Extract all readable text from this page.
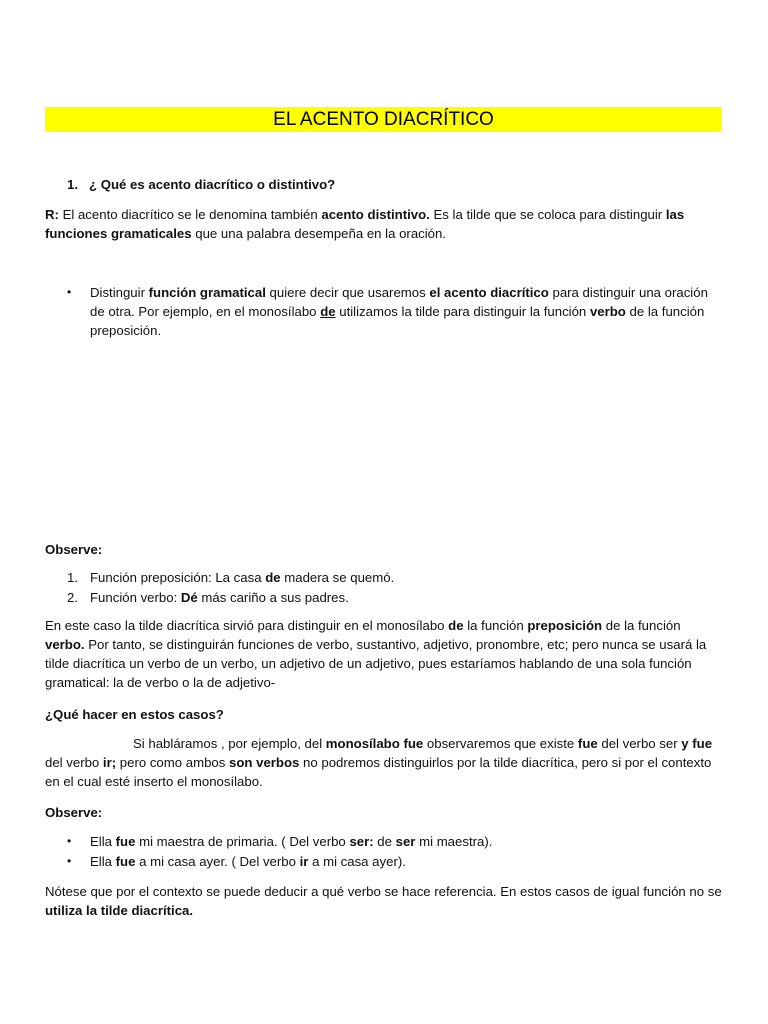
EL ACENTO DIACRÍTICO
1. ¿ Qué es acento diacrítico o distintivo?

R: El acento diacrítico se le denomina también acento distintivo. Es la tilde que se coloca para distinguir las funciones gramaticales que una palabra desempeña en la oración.

• Distinguir función gramatical quiere decir que usaremos el acento diacrítico para distinguir una oración de otra. Por ejemplo, en el monosílabo de utilizamos la tilde para distinguir la función verbo de la función preposición.

Observe:

1. Función preposición: La casa de madera se quemó.

2. Función verbo: Dé más cariño a sus padres.

En este caso la tilde diacrítica sirvió para distinguir en el monosílabo de la función preposición de la función verbo. Por tanto, se distinguirán funciones de verbo, sustantivo, adjetivo, pronombre, etc; pero nunca se usará la tilde diacrítica un verbo de un verbo, un adjetivo de un adjetivo, pues estaríamos hablando de una sola función gramatical: la de verbo o la de adjetivo-

¿Qué hacer en estos casos?

Si habláramos , por ejemplo, del monosílabo fue observaremos que existe fue del verbo ser y fue del verbo ir; pero como ambos son verbos no podremos distinguirlos por la tilde diacrítica, pero si por el contexto en el cual esté inserto el monosílabo.

Observe:

• Ella fue mi maestra de primaria. ( Del verbo ser: de ser mi maestra).

• Ella fue a mi casa ayer. ( Del verbo ir a mi casa ayer).

Nótese que por el contexto se puede deducir a qué verbo se hace referencia. En estos casos de igual función no se utiliza la tilde diacrítica.
